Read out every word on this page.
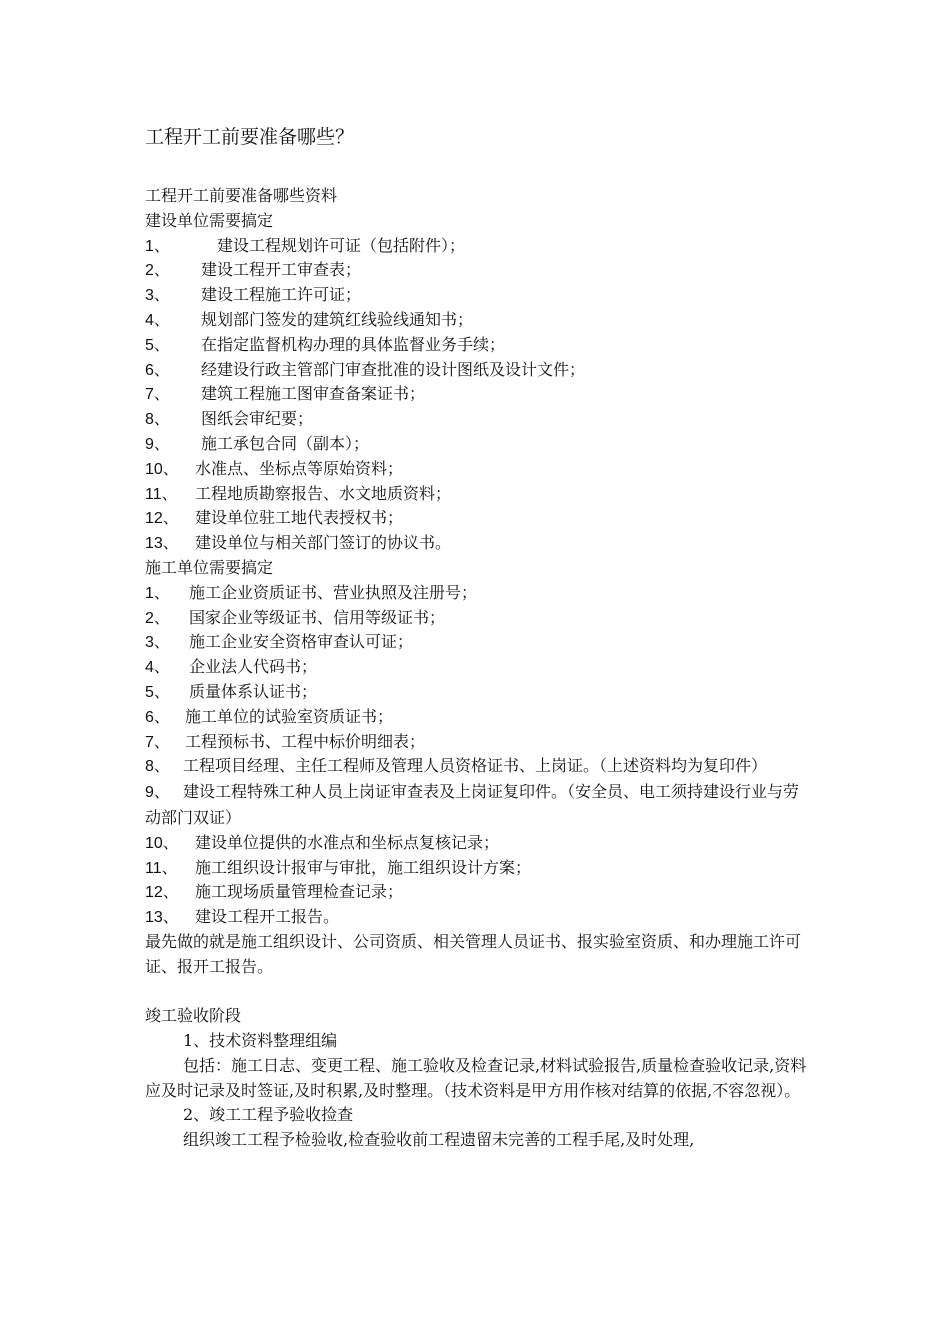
工程开工前要准备哪些？
工程开工前要准备哪些资料
建设单位需要搞定
1、	建设工程规划许可证（包括附件）；
2、 建设工程开工审查表；
3、 建设工程施工许可证；
4、 规划部门签发的建筑红线验线通知书；
5、 在指定监督机构办理的具体监督业务手续；
6、 经建设行政主管部门审查批准的设计图纸及设计文件；
7、 建筑工程施工图审查备案证书；
8、 图纸会审纪要；
9、 施工承包合同（副本）；
10、 水准点、坐标点等原始资料；
11、 工程地质勘察报告、水文地质资料；
12、 建设单位驻工地代表授权书；
13、 建设单位与相关部门签订的协议书。
施工单位需要搞定
1、 施工企业资质证书、营业执照及注册号；
2、 国家企业等级证书、信用等级证书；
3、 施工企业安全资格审查认可证；
4、 企业法人代码书；
5、 质量体系认证书；
6、 施工单位的试验室资质证书；
7、 工程预标书、工程中标价明细表；
8、 工程项目经理、主任工程师及管理人员资格证书、上岗证。（上述资料均为复印件）
9、 建设工程特殊工种人员上岗证审查表及上岗证复印件。（安全员、电工须持建设行业与劳动部门双证）
10、 建设单位提供的水准点和坐标点复核记录；
11、 施工组织设计报审与审批，施工组织设计方案；
12、 施工现场质量管理检查记录；
13、 建设工程开工报告。
最先做的就是施工组织设计、公司资质、相关管理人员证书、报实验室资质、和办理施工许可证、报开工报告。
竣工验收阶段
1、技术资料整理组编
包括：施工日志、变更工程、施工验收及检查记录,材料试验报告,质量检查验收记录,资料应及时记录及时签证,及时积累,及时整理。（技术资料是甲方用作核对结算的依据,不容忽视）。
2、竣工工程予验收捡查
组织竣工工程予检验收,检查验收前工程遗留未完善的工程手尾,及时处理,
